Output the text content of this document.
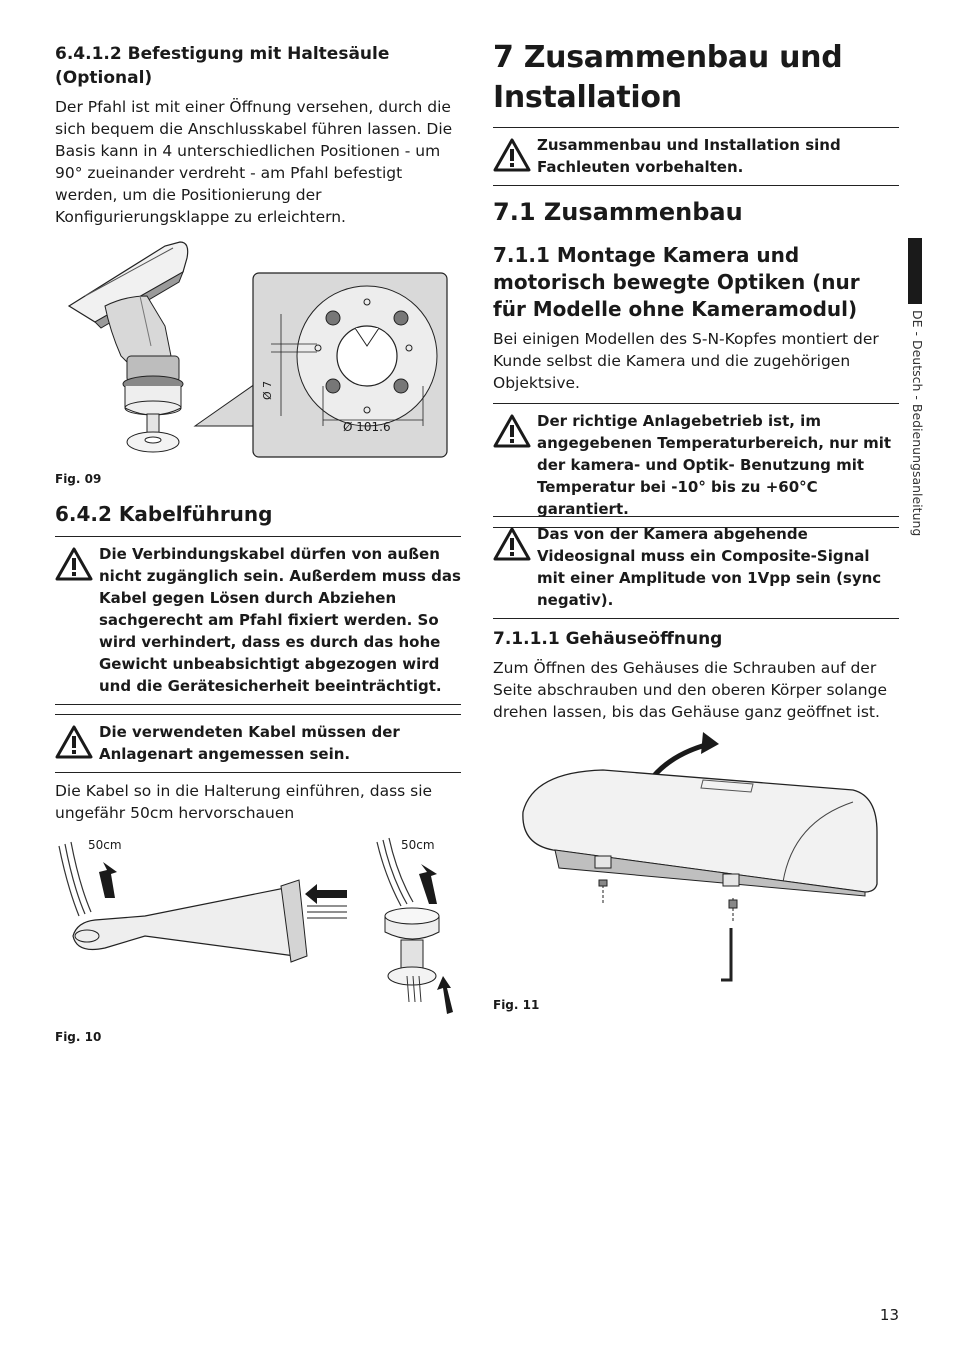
6.4.1.2 Befestigung mit Haltesäule (Optional)

Der Pfahl ist mit einer Öffnung versehen, durch die sich bequem die Anschlusskabel führen lassen. Die Basis kann in 4 unterschiedlichen Positionen - um 90° zueinander verdreht - am Pfahl befestigt werden, um die Positionierung der Konfigurierungsklappe zu erleichtern.

Ø 7
Ø 101.6
Fig. 09
6.4.2 Kabelführung
Die Verbindungskabel dürfen von außen nicht zugänglich sein. Außerdem muss das Kabel gegen Lösen durch Abziehen sachgerecht am Pfahl fixiert werden. So wird verhindert, dass es durch das hohe Gewicht unbeabsichtigt abgezogen wird und die Gerätesicherheit beeinträchtigt.
Die verwendeten Kabel müssen der Anlagenart angemessen sein.

Die Kabel so in die Halterung einführen, dass sie ungefähr 50cm hervorschauen

50cm	50cm
Fig. 10
7 Zusammenbau und Installation
Zusammenbau und Installation sind Fachleuten vorbehalten.
7.1 Zusammenbau
7.1.1 Montage Kamera und motorisch bewegte Optiken (nur für Modelle ohne Kameramodul)

Bei einigen Modellen des S-N-Kopfes montiert der Kunde selbst die Kamera und die zugehörigen Objektsive.

Der richtige Anlagebetrieb ist, im angegebenen Temperaturbereich, nur mit der kamera- und Optik- Benutzung mit Temperatur bei -10° bis zu +60°C garantiert.
Das von der Kamera abgehende Videosignal muss ein Composite-Signal mit einer Amplitude von 1Vpp sein (sync negativ).
7.1.1.1 Gehäuseöffnung

Zum Öffnen des Gehäuses die Schrauben auf der Seite abschrauben und den oberen Körper solange drehen lassen, bis das Gehäuse ganz geöffnet ist.

Fig. 11
DE - Deutsch - Bedienungsanleitung
13
